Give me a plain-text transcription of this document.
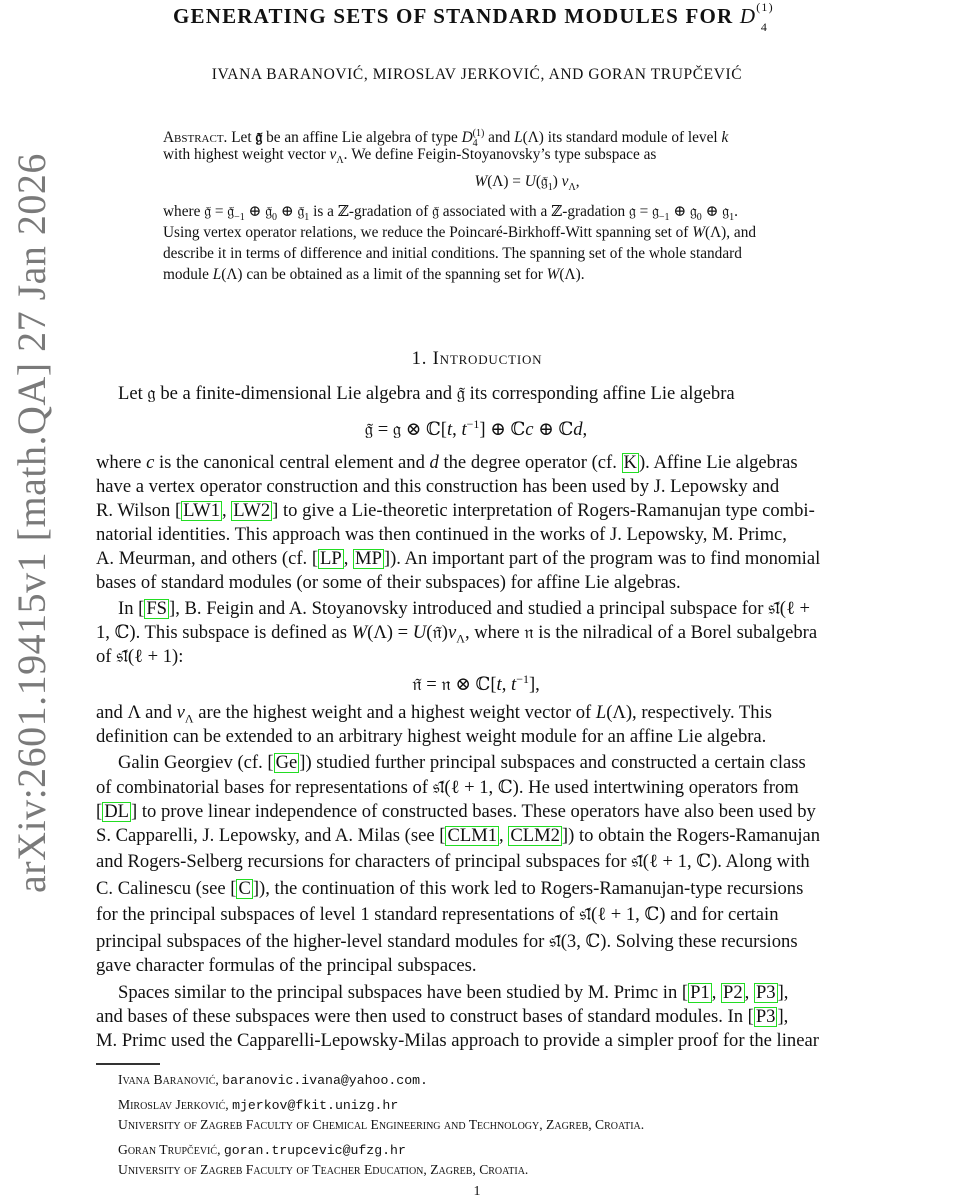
arXiv:2601.19415v1 [math.QA] 27 Jan 2026
GENERATING SETS OF STANDARD MODULES FOR $D^{(1)}_4$
IVANA BARANOVIĆ, MIROSLAV JERKOVIĆ, AND GORAN TRUPČEVIĆ
Abstract. Let 𝔤̃ be an affine Lie algebra of type $D_4^{(1)}$ and L(Λ) its standard module of level k
with highest weight vector $v_\Lambda$. We define Feigin-Stoyanovsky’s type subspace as
$W(\Lambda) = U(𝔤̃_1)$ $v_\Lambda$,
where 𝔤̃ = $𝔤̃_{-1}$ ⊕ $𝔤̃_0$ ⊕ $𝔤̃_1$ is a ℤ-gradation of 𝔤̃ associated with a ℤ-gradation 𝔤 = 𝔤$_{-1}$ ⊕ 𝔤$_0$ ⊕ 𝔤$_1$.
Using vertex operator relations, we reduce the Poincaré-Birkhoff-Witt spanning set of W(Λ), and
describe it in terms of difference and initial conditions. The spanning set of the whole standard
module L(Λ) can be obtained as a limit of the spanning set for W(Λ).
1. Introduction
Let 𝔤 be a finite-dimensional Lie algebra and 𝔤̃ its corresponding affine Lie algebra
𝔤̃ = 𝔤 ⊗ ℂ[t, $t^{-1}$] ⊕ ℂc ⊕ ℂd,
where c is the canonical central element and d the degree operator (cf. K ). Affine Lie algebras
have a vertex operator construction and this construction has been used by J. Lepowsky and
R. Wilson [ LW1 , LW2 ] to give a Lie-theoretic interpretation of Rogers-Ramanujan type combi-
natorial identities. This approach was then continued in the works of J. Lepowsky, M. Primc,
A. Meurman, and others (cf. [ LP , MP ]). An important part of the program was to find monomial
bases of standard modules (or some of their subspaces) for affine Lie algebras.
In [ FS ], B. Feigin and A. Stoyanovsky introduced and studied a principal subspace for 𝔰𝔩̃(ℓ +
1, ℂ). This subspace is defined as $W(\Lambda) = U(𝔫̃)v_\Lambda$, where 𝔫 is the nilradical of a Borel subalgebra
of 𝔰𝔩̃(ℓ + 1):
𝔫̃ = 𝔫 ⊗ ℂ[t, $t^{-1}$],
and Λ and $v_\Lambda$ are the highest weight and a highest weight vector of L(Λ), respectively. This
definition can be extended to an arbitrary highest weight module for an affine Lie algebra.
Galin Georgiev (cf. [ Ge ]) studied further principal subspaces and constructed a certain class
of combinatorial bases for representations of 𝔰𝔩̃(ℓ + 1, ℂ). He used intertwining operators from
[ DL ] to prove linear independence of constructed bases. These operators have also been used by
S. Capparelli, J. Lepowsky, and A. Milas (see [ CLM1 , CLM2 ]) to obtain the Rogers-Ramanujan
and Rogers-Selberg recursions for characters of principal subspaces for 𝔰𝔩̃(ℓ + 1, ℂ). Along with
C. Calinescu (see [ C ]), the continuation of this work led to Rogers-Ramanujan-type recursions
for the principal subspaces of level 1 standard representations of 𝔰𝔩̃(ℓ + 1, ℂ) and for certain
principal subspaces of the higher-level standard modules for 𝔰𝔩̃(3, ℂ). Solving these recursions
gave character formulas of the principal subspaces.
Spaces similar to the principal subspaces have been studied by M. Primc in [ P1 , P2 , P3 ],
and bases of these subspaces were then used to construct bases of standard modules. In [ P3 ],
M. Primc used the Capparelli-Lepowsky-Milas approach to provide a simpler proof for the linear
Ivana Baranović, baranovic.ivana@yahoo.com.
Miroslav Jerković, mjerkov@fkit.unizg.hr
University of Zagreb Faculty of Chemical Engineering and Technology, Zagreb, Croatia.
Goran Trupčević, goran.trupcevic@ufzg.hr
University of Zagreb Faculty of Teacher Education, Zagreb, Croatia.
1
